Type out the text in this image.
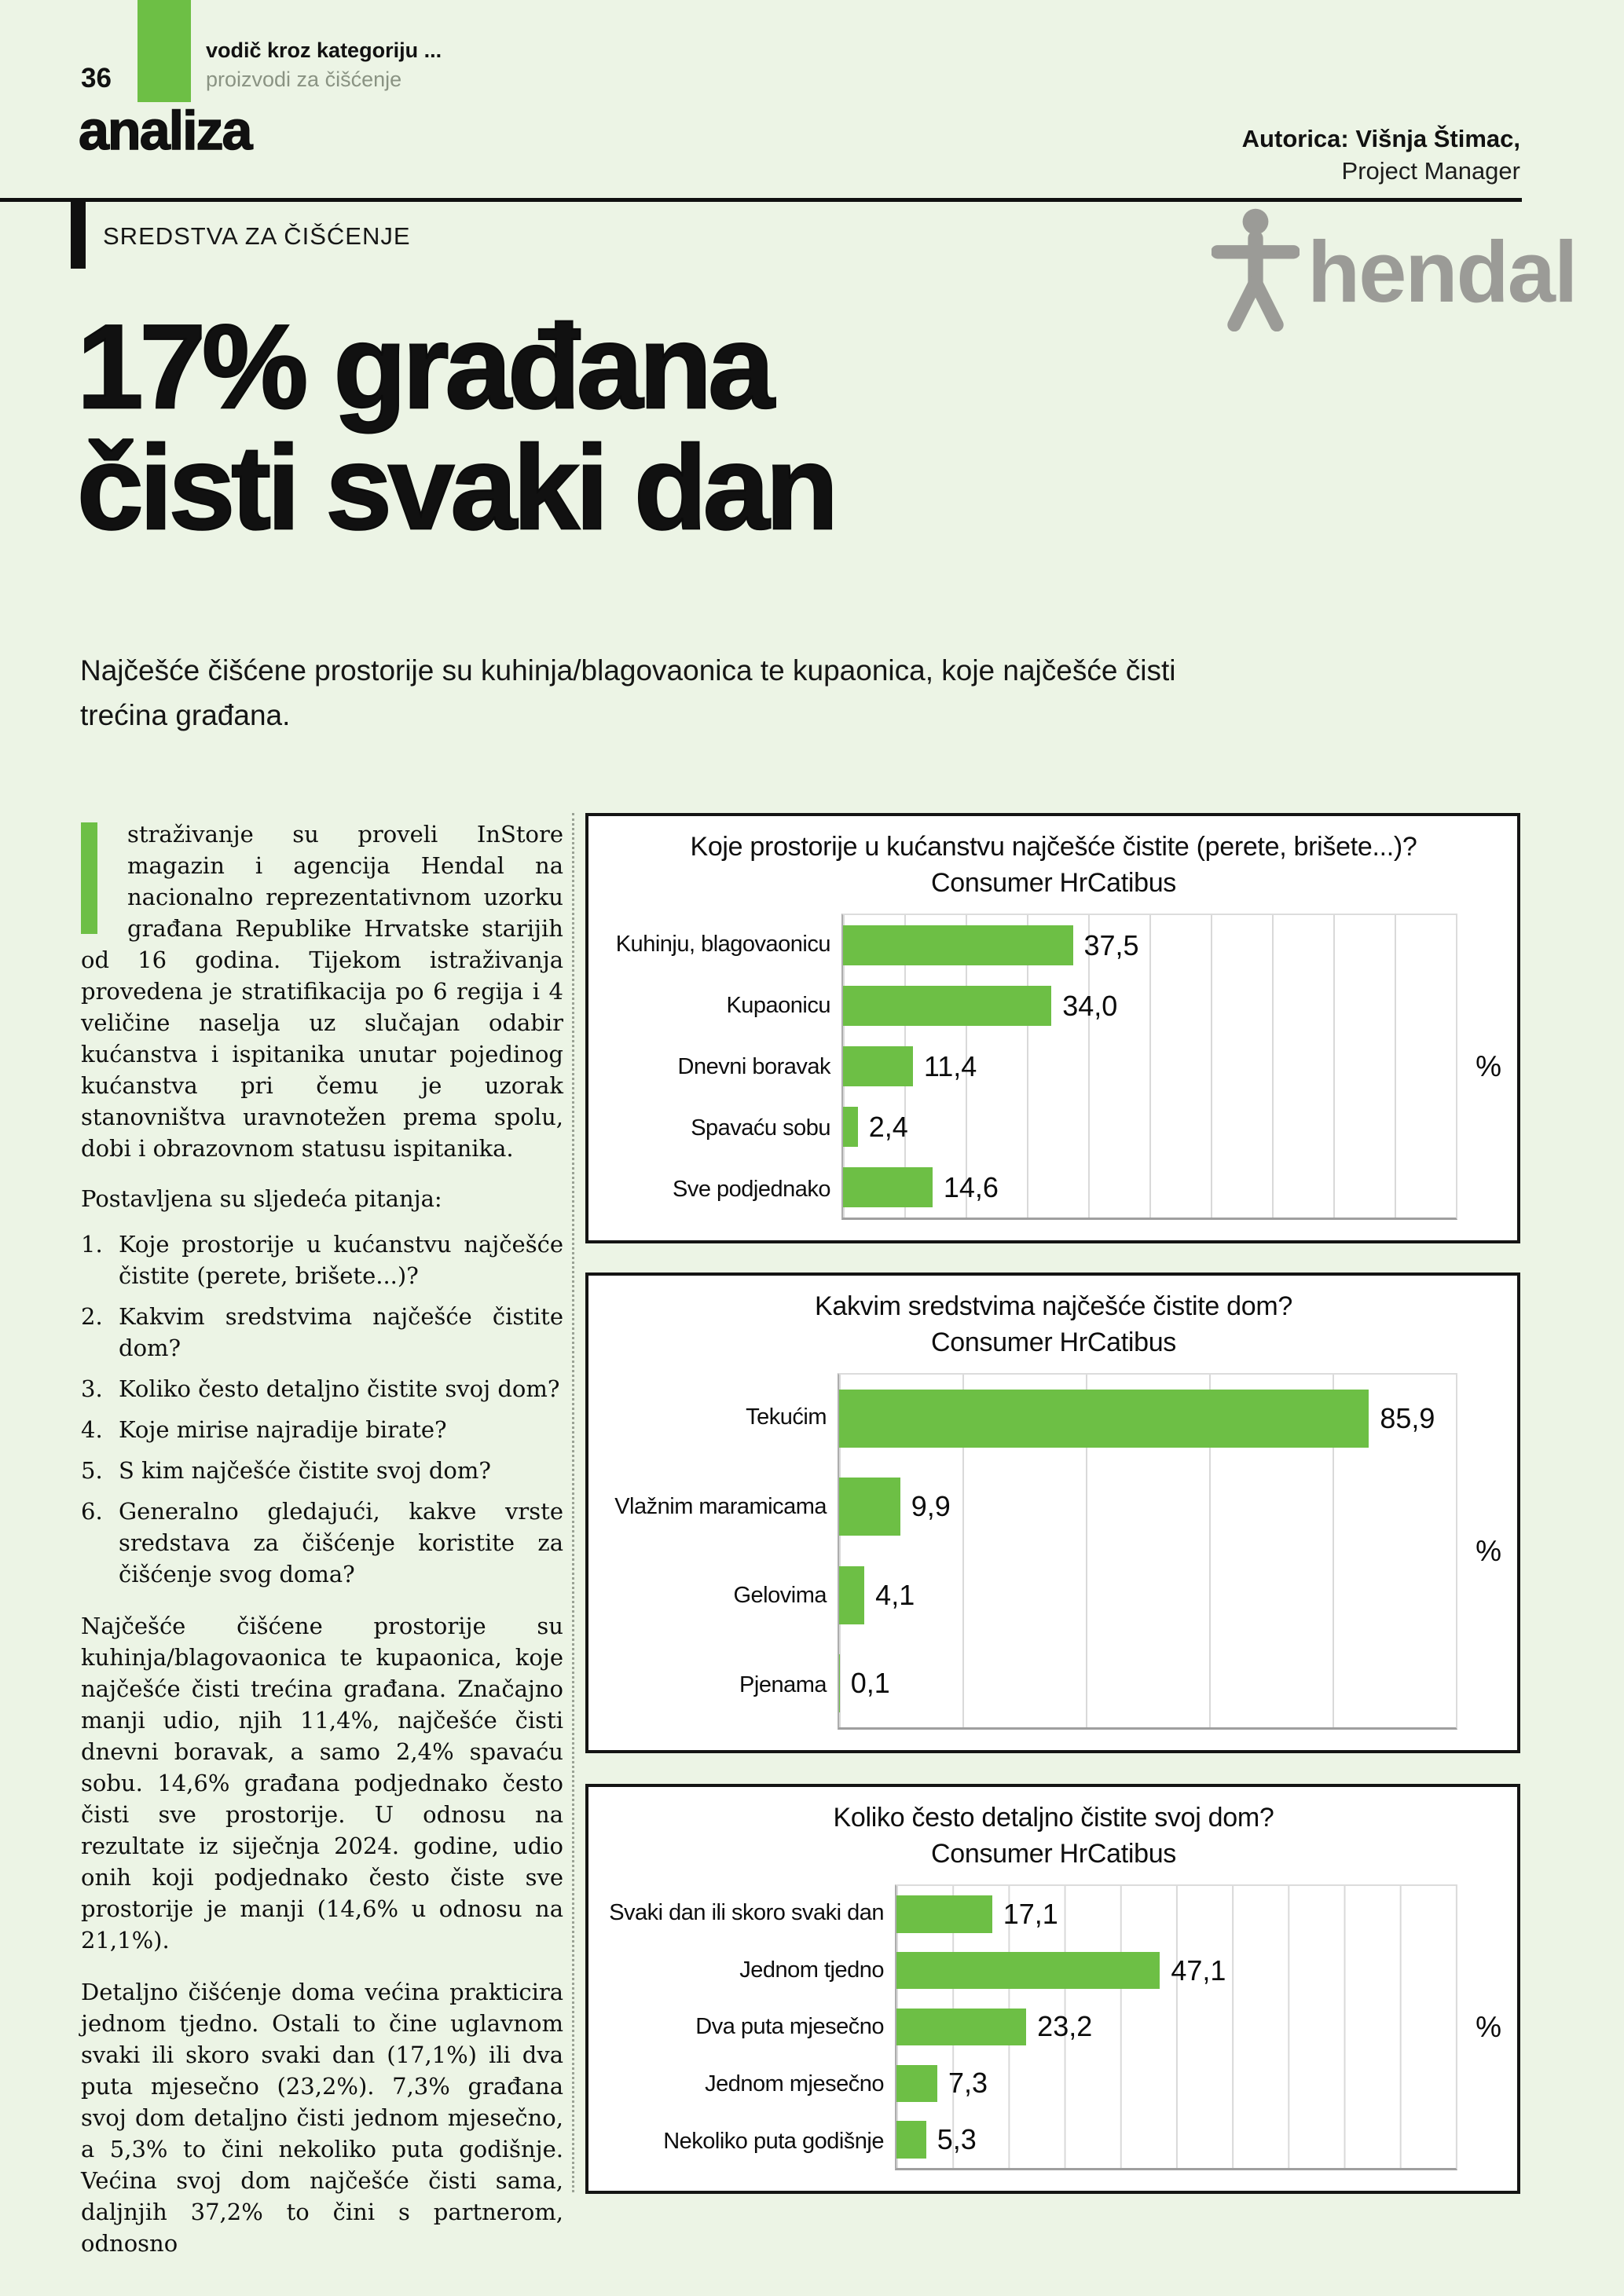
36
vodič kroz kategoriju ...
proizvodi za čišćenje
analiza	Autorica: Višnja Štimac,
Project Manager
SREDSTVA ZA ČIŠĆENJE	hendal
17% građana
čisti svaki dan
Najčešće čišćene prostorije su kuhinja/blagovaonica te kupaonica, koje najčešće čisti trećina građana.

straživanje su proveli InStore magazin i agencija Hendal na nacionalno reprezentativnom uzorku građana Republike Hrvatske starijih od 16 godina. Tijekom istraživanja provedena je stratifikacija po 6 regija i 4 veličine naselja uz slučajan odabir kućanstva i ispitanika unutar pojedinog kućanstva pri čemu je uzorak stanovništva uravnotežen prema spolu, dobi i obrazovnom statusu ispitanika.

Postavljena su sljedeća pitanja:

1. Koje prostorije u kućanstvu najčešće čistite (perete, brišete...)?
2. Kakvim sredstvima najčešće čistite dom?
3. Koliko često detaljno čistite svoj dom?
4. Koje mirise najradije birate?
5. S kim najčešće čistite svoj dom?
6. Generalno gledajući, kakve vrste sredstava za čišćenje koristite za čišćenje svog doma?

Najčešće čišćene prostorije su kuhinja/blagovaonica te kupaonica, koje najčešće čisti trećina građana. Značajno manji udio, njih 11,4%, najčešće čisti dnevni boravak, a samo 2,4% spavaću sobu. 14,6% građana podjednako često čisti sve prostorije. U odnosu na rezultate iz siječnja 2024. godine, udio onih koji podjednako često čiste sve prostorije je manji (14,6% u odnosu na 21,1%).

Detaljno čišćenje doma većina prakticira jednom tjedno. Ostali to čine uglavnom svaki ili skoro svaki dan (17,1%) ili dva puta mjesečno (23,2%). 7,3% građana svoj dom detaljno čisti jednom mjesečno, a 5,3% to čini nekoliko puta godišnje. Većina svoj dom najčešće čisti sama, daljnjih 37,2% to čini s partnerom, odnosno

Koje prostorije u kućanstvu najčešće čistite (perete, brišete...)?
Consumer HrCatibus
Kuhinju, blagovaonicu
Kupaonicu
Dnevni boravak
Spavaću sobu
Sve podjednako
37,5
34,0
11,4
2,4
14,6
%
Kakvim sredstvima najčešće čistite dom?
Consumer HrCatibus
Tekućim
Vlažnim maramicama
Gelovima
Pjenama
85,9
9,9
4,1
0,1
%
Koliko često detaljno čistite svoj dom?
Consumer HrCatibus
Svaki dan ili skoro svaki dan
Jednom tjedno
Dva puta mjesečno
Jednom mjesečno
Nekoliko puta godišnje
17,1
47,1
23,2
7,3
5,3
%
